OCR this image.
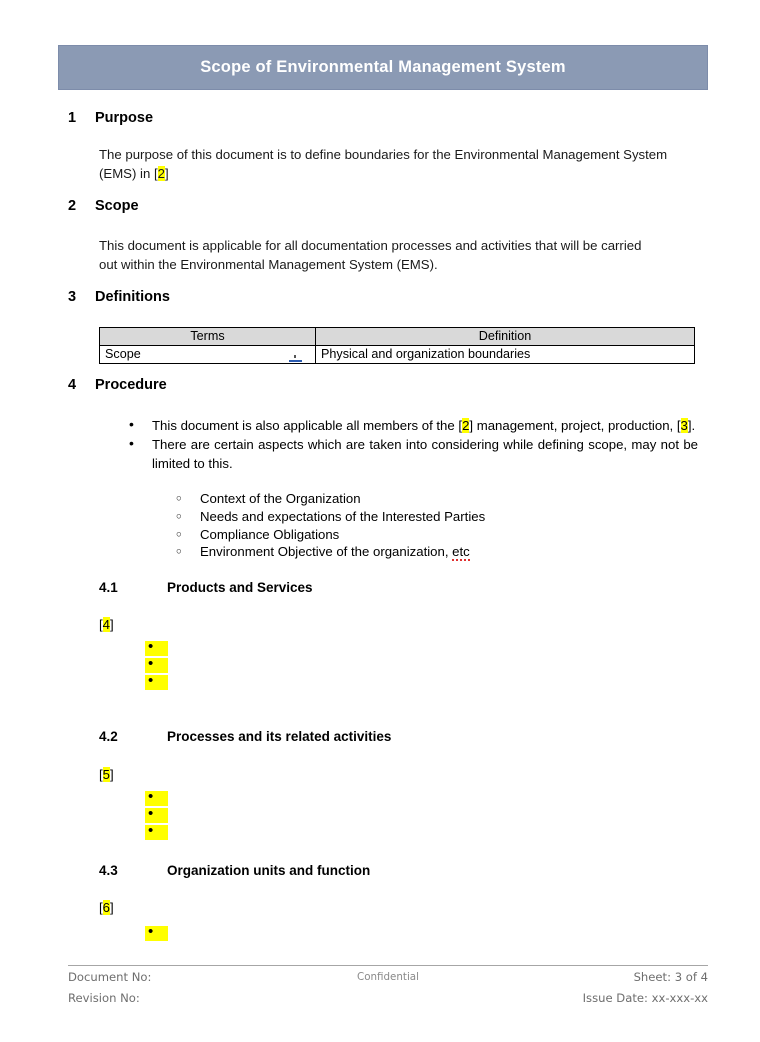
Scope of Environmental Management System
1	Purpose
The purpose of this document is to define boundaries for the Environmental Management System (EMS) in [2]
2	Scope
This document is applicable for all documentation processes and activities that will be carried out within the Environmental Management System (EMS).
3	Definitions
Terms	Definition
Scope	Physical and organization boundaries
4	Procedure
• This document is also applicable all members of the [2] management, project, production, [3].
• There are certain aspects which are taken into considering while defining scope, may not be limited to this.
○ Context of the Organization
○ Needs and expectations of the Interested Parties
○ Compliance Obligations
○ Environment Objective of the organization, etc
4.1	Products and Services
[4]
•
•
•
4.2	Processes and its related activities
[5]
•
•
•
4.3	Organization units and function
[6]
•
Document No:	Confidential	Sheet: 3 of 4
Revision No:	Issue Date: xx-xxx-xx
